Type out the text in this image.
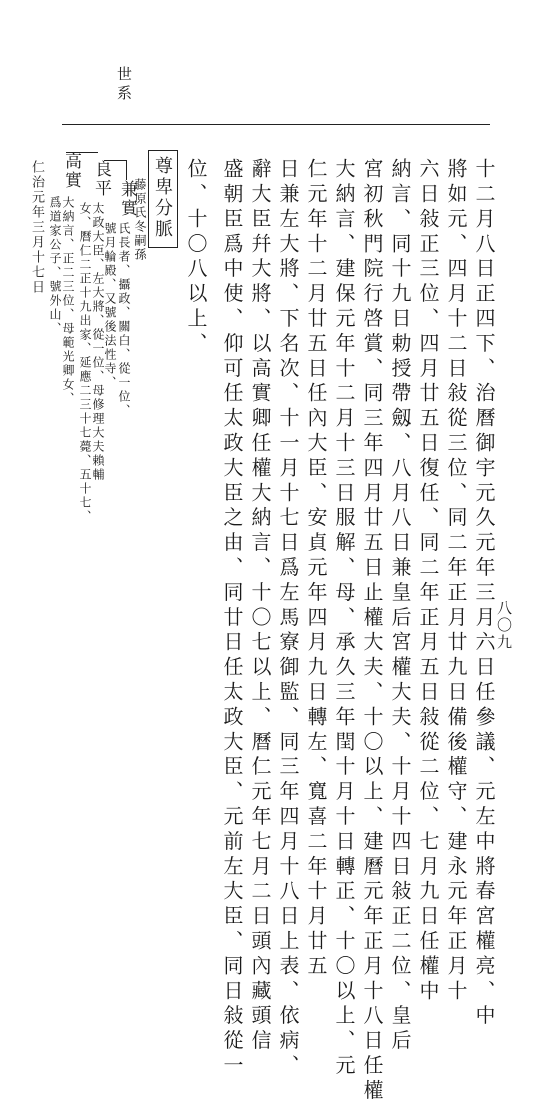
世系
十二月八日正四下、治曆御宇元久元年三月六日任參議、元左中將春宮權亮、中
將如元、四月十二日敍從三位、同二年正月廿九日備後權守、建永元年正月十
六日敍正三位、四月廿五日復任、同二年正月五日敍從二位、七月九日任權中
納言、同十九日勅授帶劔、八月八日兼皇后宮權大夫、十月十四日敍正二位、皇后
宮初秋門院行啓賞、同三年四月廿五日止權大夫、十〇以上、建曆元年正月十八日任權
大納言、建保元年十二月十三日服解、母、承久三年閏十月十日轉正、十〇以上、元
仁元年十二月廿五日任內大臣、安貞元年四月九日轉左、寬喜二年十月廿五
日兼左大將、下名次、十一月十七日爲左馬寮御監、同三年四月十八日上表、依病、
辭大臣幷大將、以高實卿任權大納言、十〇七以上、曆仁元年七月二日頭內藏頭信
盛朝臣爲中使、仰可任太政大臣之由、同廿日任太政大臣、元前左大臣、同日敍從一
位、十〇八以上、
尊卑分脈
藤原氏冬嗣孫
兼實
氏長者、攝政、關白、從一位、
號月輪殿、又號後法性寺、
良平
太政大臣、左大將、從一位、母修理大夫賴輔
女、曆仁二正十九出家、延應二三十七薨、五十七、
高實
大納言、正二三位、母範光卿女、
爲道家公子、號外山、
仁治元年三月十七日
八〇九
